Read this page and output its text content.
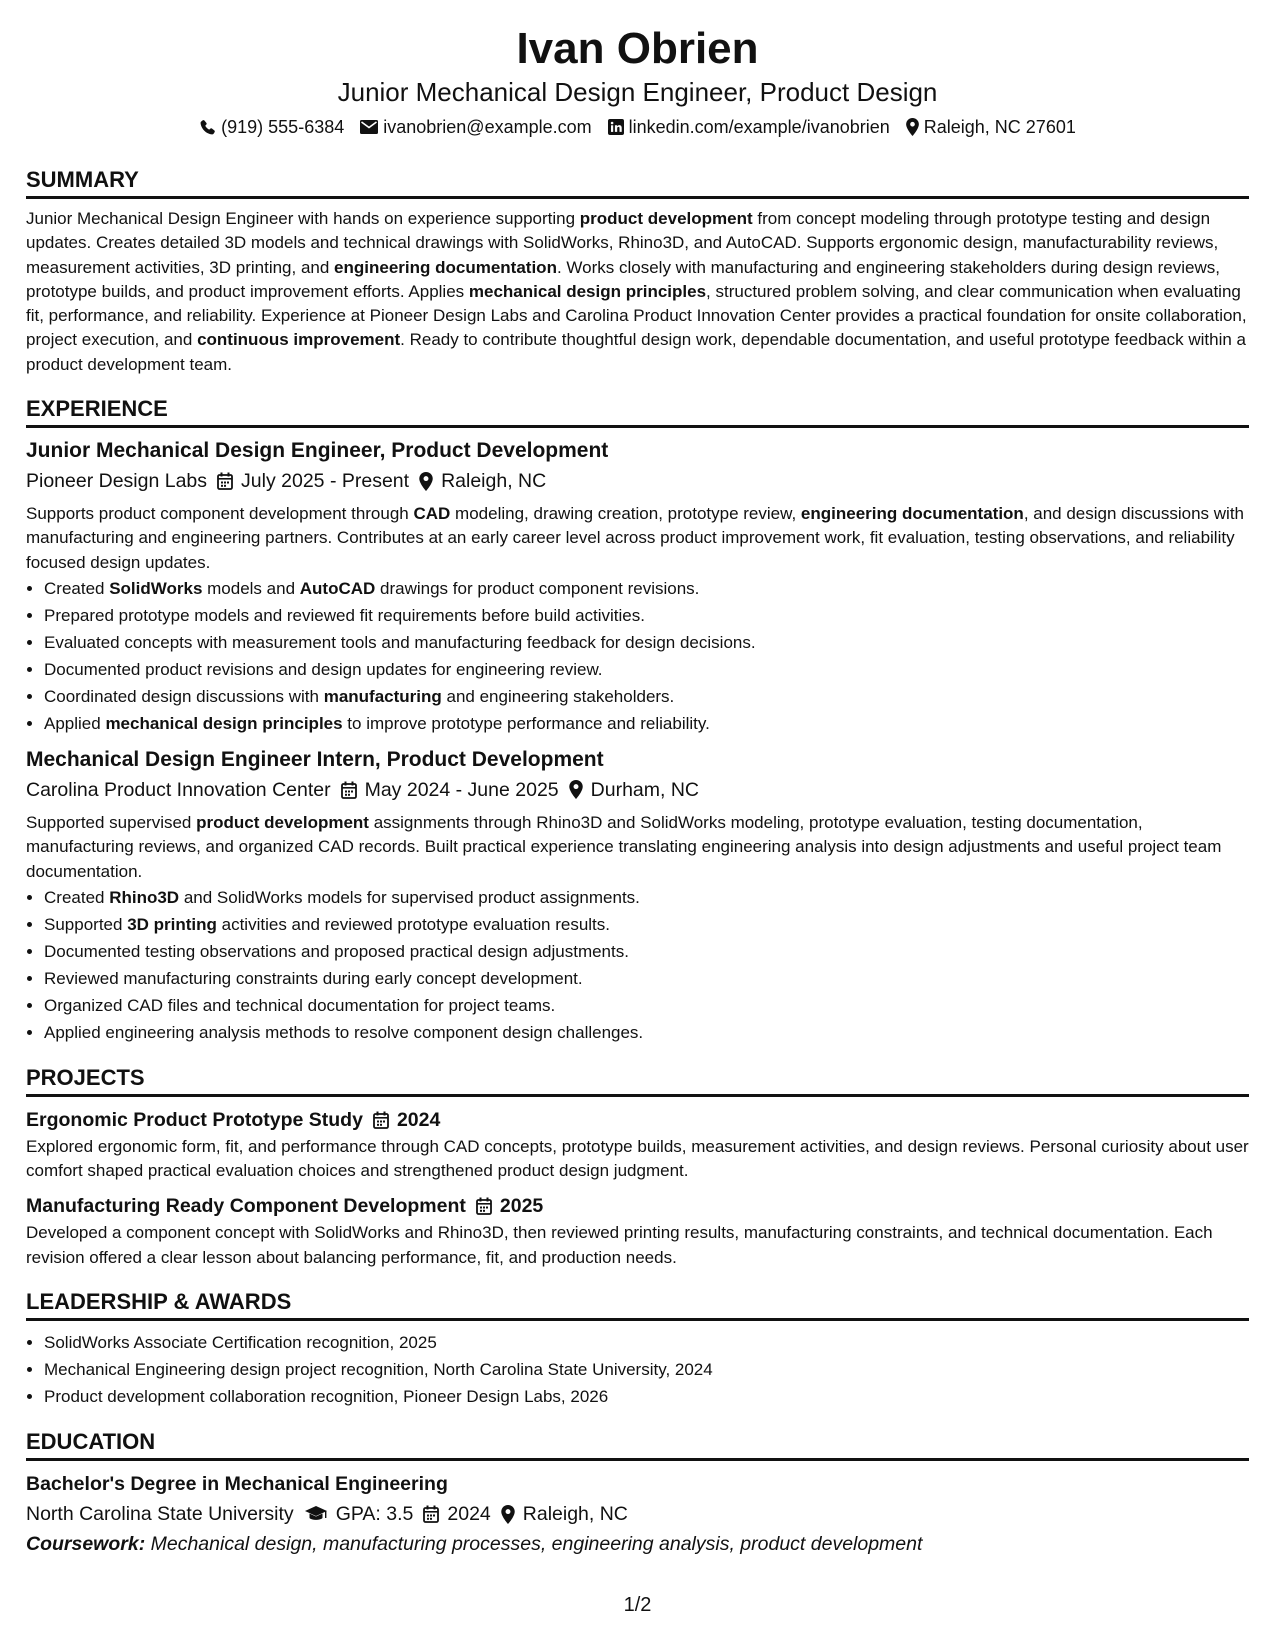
Ivan Obrien
Junior Mechanical Design Engineer, Product Design
(919) 555-6384 ivanobrien@example.com linkedin.com/example/ivanobrien Raleigh, NC 27601
SUMMARY

Junior Mechanical Design Engineer with hands on experience supporting product development from concept modeling through prototype testing and design updates. Creates detailed 3D models and technical drawings with SolidWorks, Rhino3D, and AutoCAD. Supports ergonomic design, manufacturability reviews, measurement activities, 3D printing, and engineering documentation. Works closely with manufacturing and engineering stakeholders during design reviews, prototype builds, and product improvement efforts. Applies mechanical design principles, structured problem solving, and clear communication when evaluating fit, performance, and reliability. Experience at Pioneer Design Labs and Carolina Product Innovation Center provides a practical foundation for onsite collaboration, project execution, and continuous improvement. Ready to contribute thoughtful design work, dependable documentation, and useful prototype feedback within a product development team.

EXPERIENCE
Junior Mechanical Design Engineer, Product Development
Pioneer Design Labs July 2025 - Present Raleigh, NC

Supports product component development through CAD modeling, drawing creation, prototype review, engineering documentation, and design discussions with manufacturing and engineering partners. Contributes at an early career level across product improvement work, fit evaluation, testing observations, and reliability focused design updates.

• Created SolidWorks models and AutoCAD drawings for product component revisions.
• Prepared prototype models and reviewed fit requirements before build activities.
• Evaluated concepts with measurement tools and manufacturing feedback for design decisions.
• Documented product revisions and design updates for engineering review.
• Coordinated design discussions with manufacturing and engineering stakeholders.
• Applied mechanical design principles to improve prototype performance and reliability.
Mechanical Design Engineer Intern, Product Development
Carolina Product Innovation Center May 2024 - June 2025 Durham, NC

Supported supervised product development assignments through Rhino3D and SolidWorks modeling, prototype evaluation, testing documentation, manufacturing reviews, and organized CAD records. Built practical experience translating engineering analysis into design adjustments and useful project team documentation.

• Created Rhino3D and SolidWorks models for supervised product assignments.
• Supported 3D printing activities and reviewed prototype evaluation results.
• Documented testing observations and proposed practical design adjustments.
• Reviewed manufacturing constraints during early concept development.
• Organized CAD files and technical documentation for project teams.
• Applied engineering analysis methods to resolve component design challenges.
PROJECTS
Ergonomic Product Prototype Study 2024

Explored ergonomic form, fit, and performance through CAD concepts, prototype builds, measurement activities, and design reviews. Personal curiosity about user comfort shaped practical evaluation choices and strengthened product design judgment.

Manufacturing Ready Component Development 2025

Developed a component concept with SolidWorks and Rhino3D, then reviewed printing results, manufacturing constraints, and technical documentation. Each revision offered a clear lesson about balancing performance, fit, and production needs.

LEADERSHIP & AWARDS
• SolidWorks Associate Certification recognition, 2025
• Mechanical Engineering design project recognition, North Carolina State University, 2024
• Product development collaboration recognition, Pioneer Design Labs, 2026
EDUCATION
Bachelor's Degree in Mechanical Engineering
North Carolina State University GPA: 3.5 2024 Raleigh, NC
Coursework: Mechanical design, manufacturing processes, engineering analysis, product development
1/2
